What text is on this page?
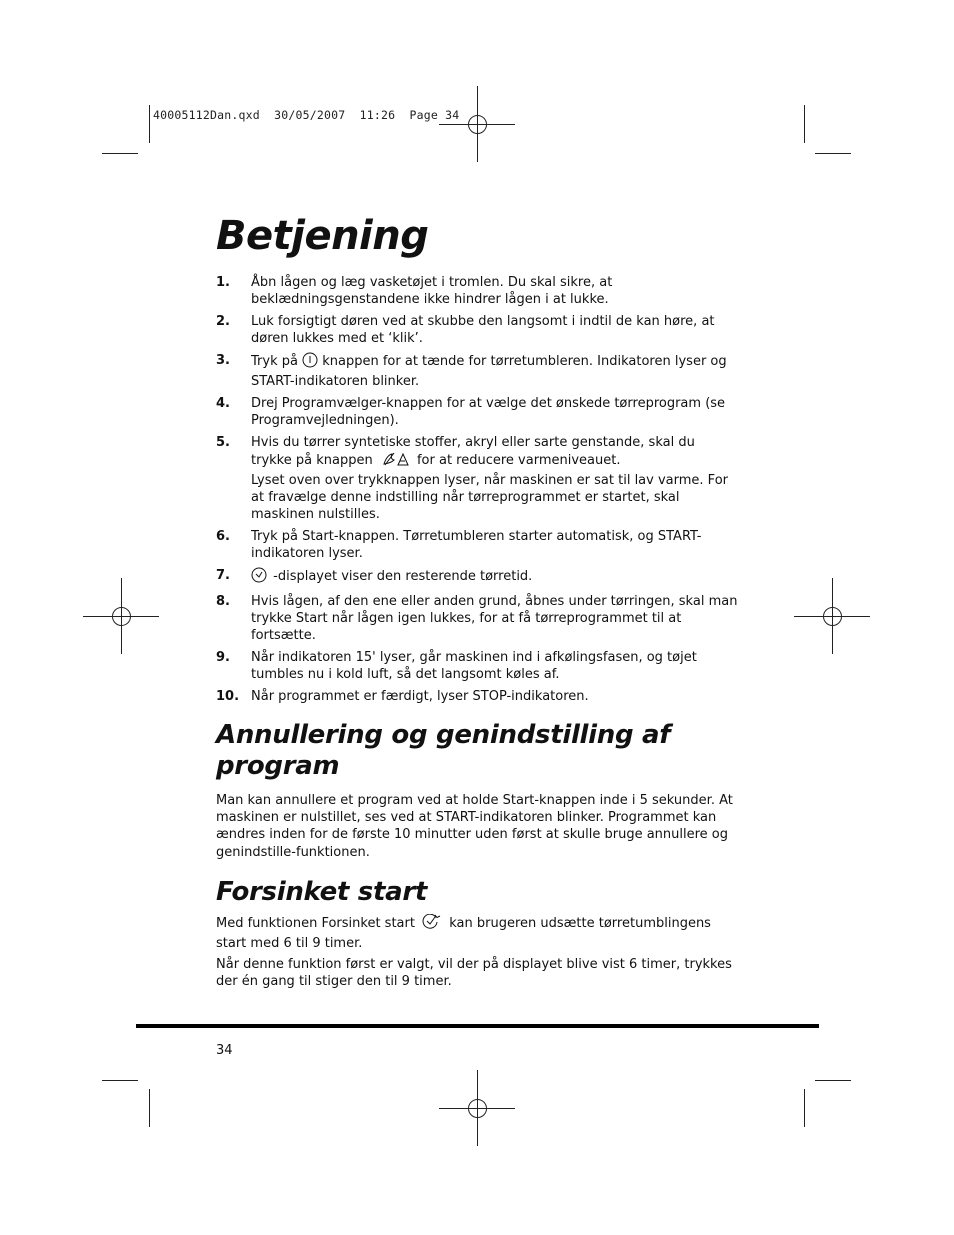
40005112Dan.qxd  30/05/2007  11:26  Page 34
Betjening
1. Åbn lågen og læg vasketøjet i tromlen. Du skal sikre, at beklædningsgenstandene ikke hindrer lågen i at lukke.
2. Luk forsigtigt døren ved at skubbe den langsomt i indtil de kan høre, at døren lukkes med et ‘klik’.
3. Tryk på knappen for at tænde for tørretumbleren. Indikatoren lyser og START-indikatoren blinker.
4. Drej Programvælger-knappen for at vælge det ønskede tørreprogram (se Programvejledningen).
5. Hvis du tørrer syntetiske stoffer, akryl eller sarte genstande, skal du trykke på knappen	for at reducere varmeniveauet.
Lyset oven over trykknappen lyser, når maskinen er sat til lav varme. For at fravælge denne indstilling når tørreprogrammet er startet, skal maskinen nulstilles.
6. Tryk på Start-knappen. Tørretumbleren starter automatisk, og START-indikatoren lyser.
7.	-displayet viser den resterende tørretid.
8. Hvis lågen, af den ene eller anden grund, åbnes under tørringen, skal man trykke Start når lågen igen lukkes, for at få tørreprogrammet til at fortsætte.
9. Når indikatoren 15' lyser, går maskinen ind i afkølingsfasen, og tøjet tumbles nu i kold luft, så det langsomt køles af.
10. Når programmet er færdigt, lyser STOP-indikatoren.
Annullering og genindstilling af program

Man kan annullere et program ved at holde Start-knappen inde i 5 sekunder. At maskinen er nulstillet, ses ved at START-indikatoren blinker. Programmet kan ændres inden for de første 10 minutter uden først at skulle bruge annullere og genindstille-funktionen.

Forsinket start

Med funktionen Forsinket start	kan brugeren udsætte tørretumblingens start med 6 til 9 timer.

Når denne funktion først er valgt, vil der på displayet blive vist 6 timer, trykkes der én gang til stiger den til 9 timer.

34
